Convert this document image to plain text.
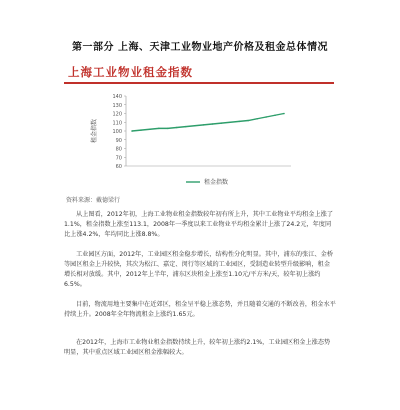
第一部分 上海、天津工业物业地产价格及租金总体情况
上海工业物业租金指数
60
70
80
90
100
110
120
130
140
租金指数
租金指数
资料来源：戴德梁行

从上图看，2012年初，上海工业物业租金指数较年初有所上升，其中工业物业平均租金上涨了1.1%，租金指数上涨至113.1，2008年一季度以来工业物业平均租金累计上涨了24.2元，年度同比上涨4.2%，年均同比上涨8.8%。

工业园区方面，2012年，工业园区租金稳步增长，结构性分化明显。其中，浦东的张江、金桥等园区租金上升较快，其次为松江、嘉定、闵行等区域的工业园区，受制造业转型升级影响，租金增长相对放缓。其中，2012年上半年，浦东区块租金上涨至1.10元/平方米/天，较年初上涨约6.5%。

目前，物流用地主要集中在近郊区，租金呈平稳上涨态势，并且随着交通的不断改善，租金水平持续上升。2008年全年物流租金上涨约1.65元。

在2012年，上海市工业物业租金指数持续上升，较年初上涨约2.1%，工业园区租金上涨态势明显，其中重点区域工业园区租金涨幅较大。
